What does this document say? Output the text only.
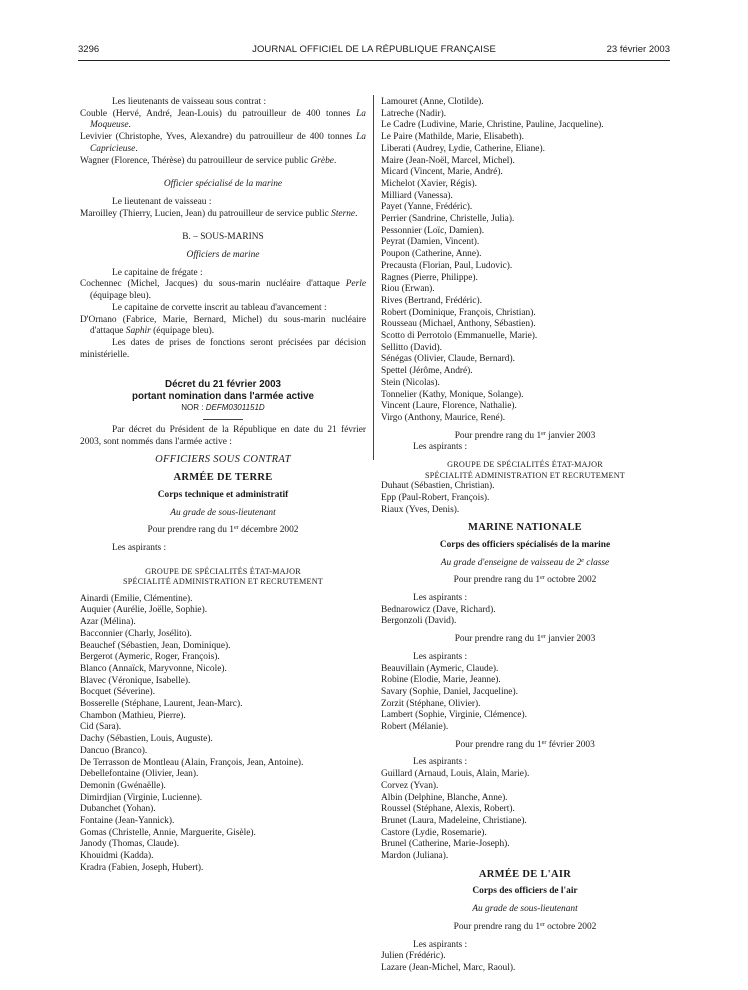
3296	JOURNAL OFFICIEL DE LA RÉPUBLIQUE FRANÇAISE	23 février 2003

Les lieutenants de vaisseau sous contrat :

Couble (Hervé, André, Jean-Louis) du patrouilleur de 400 tonnes La Moqueuse.

Levivier (Christophe, Yves, Alexandre) du patrouilleur de 400 tonnes La Capricieuse.

Wagner (Florence, Thérèse) du patrouilleur de service public Grèbe.

Officier spécialisé de la marine

Le lieutenant de vaisseau :

Maroilley (Thierry, Lucien, Jean) du patrouilleur de service public Sterne.

B. – SOUS-MARINS

Officiers de marine

Le capitaine de frégate :

Cochennec (Michel, Jacques) du sous-marin nucléaire d'attaque Perle (équipage bleu).

Le capitaine de corvette inscrit au tableau d'avancement :

D'Ornano (Fabrice, Marie, Bernard, Michel) du sous-marin nucléaire d'attaque Saphir (équipage bleu).

Les dates de prises de fonctions seront précisées par décision ministérielle.

Décret du 21 février 2003

portant nomination dans l'armée active

NOR : DEFM0301151D

Par décret du Président de la République en date du 21 février 2003, sont nommés dans l'armée active :

OFFICIERS SOUS CONTRAT

ARMÉE DE TERRE

Corps technique et administratif

Au grade de sous-lieutenant

Pour prendre rang du 1er décembre 2002

Les aspirants :

GROUPE DE SPÉCIALITÉS ÉTAT-MAJOR

SPÉCIALITÉ ADMINISTRATION ET RECRUTEMENT

Ainardi (Emilie, Clémentine).

Auquier (Aurélie, Joëlle, Sophie).

Azar (Mélina).

Bacconnier (Charly, Josélito).

Beauchef (Sébastien, Jean, Dominique).

Bergerot (Aymeric, Roger, François).

Blanco (Annaïck, Maryvonne, Nicole).

Blavec (Véronique, Isabelle).

Bocquet (Séverine).

Bosserelle (Stéphane, Laurent, Jean-Marc).

Chambon (Mathieu, Pierre).

Cid (Sara).

Dachy (Sébastien, Louis, Auguste).

Dancuo (Branco).

De Terrasson de Montleau (Alain, François, Jean, Antoine).

Debellefontaine (Olivier, Jean).

Demonin (Gwénaëlle).

Dimirdjian (Virginie, Lucienne).

Dubanchet (Yohan).

Fontaine (Jean-Yannick).

Gomas (Christelle, Annie, Marguerite, Gisèle).

Janody (Thomas, Claude).

Khouidmi (Kadda).

Kradra (Fabien, Joseph, Hubert).

Lamouret (Anne, Clotilde).

Latreche (Nadir).

Le Cadre (Ludivine, Marie, Christine, Pauline, Jacqueline).

Le Paire (Mathilde, Marie, Elisabeth).

Liberati (Audrey, Lydie, Catherine, Eliane).

Maire (Jean-Noël, Marcel, Michel).

Micard (Vincent, Marie, André).

Michelot (Xavier, Régis).

Milliard (Vanessa).

Payet (Yanne, Frédéric).

Perrier (Sandrine, Christelle, Julia).

Pessonnier (Loïc, Damien).

Peyrat (Damien, Vincent).

Poupon (Catherine, Anne).

Precausta (Florian, Paul, Ludovic).

Ragnes (Pierre, Philippe).

Riou (Erwan).

Rives (Bertrand, Frédéric).

Robert (Dominique, François, Christian).

Rousseau (Michael, Anthony, Sébastien).

Scotto di Perrotolo (Emmanuelle, Marie).

Sellitto (David).

Sénégas (Olivier, Claude, Bernard).

Spettel (Jérôme, André).

Stein (Nicolas).

Tonnelier (Kathy, Monique, Solange).

Vincent (Laure, Florence, Nathalie).

Virgo (Anthony, Maurice, René).

Pour prendre rang du 1er janvier 2003

Les aspirants :

GROUPE DE SPÉCIALITÉS ÉTAT-MAJOR

SPÉCIALITÉ ADMINISTRATION ET RECRUTEMENT

Duhaut (Sébastien, Christian).

Epp (Paul-Robert, François).

Riaux (Yves, Denis).

MARINE NATIONALE

Corps des officiers spécialisés de la marine

Au grade d'enseigne de vaisseau de 2e classe

Pour prendre rang du 1er octobre 2002

Les aspirants :

Bednarowicz (Dave, Richard).

Bergonzoli (David).

Pour prendre rang du 1er janvier 2003

Les aspirants :

Beauvillain (Aymeric, Claude).

Robine (Elodie, Marie, Jeanne).

Savary (Sophie, Daniel, Jacqueline).

Zorzit (Stéphane, Olivier).

Lambert (Sophie, Virginie, Clémence).

Robert (Mélanie).

Pour prendre rang du 1er février 2003

Les aspirants :

Guillard (Arnaud, Louis, Alain, Marie).

Corvez (Yvan).

Albin (Delphine, Blanche, Anne).

Roussel (Stéphane, Alexis, Robert).

Brunet (Laura, Madeleine, Christiane).

Castore (Lydie, Rosemarie).

Brunel (Catherine, Marie-Joseph).

Mardon (Juliana).

ARMÉE DE L'AIR

Corps des officiers de l'air

Au grade de sous-lieutenant

Pour prendre rang du 1er octobre 2002

Les aspirants :

Julien (Frédéric).

Lazare (Jean-Michel, Marc, Raoul).
